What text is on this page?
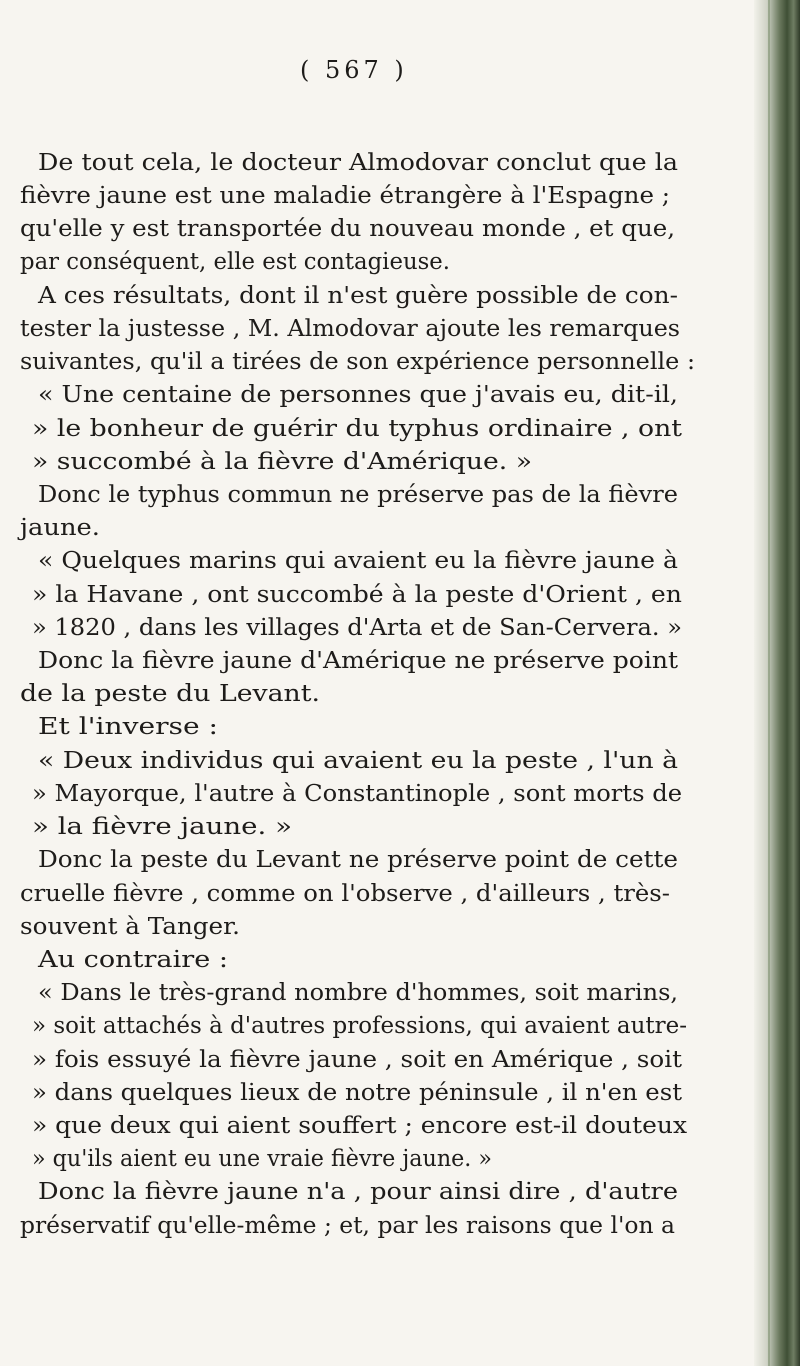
( 567 )
De tout cela, le docteur Almodovar conclut que la
fièvre jaune est une maladie étrangère à l'Espagne ;
qu'elle y est transportée du nouveau monde , et que,
par conséquent, elle est contagieuse.
A ces résultats, dont il n'est guère possible de con-
tester la justesse , M. Almodovar ajoute les remarques
suivantes, qu'il a tirées de son expérience personnelle :
« Une centaine de personnes que j'avais eu, dit-il,
» le bonheur de guérir du typhus ordinaire , ont
» succombé à la fièvre d'Amérique. »
Donc le typhus commun ne préserve pas de la fièvre
jaune.
« Quelques marins qui avaient eu la fièvre jaune à
» la Havane , ont succombé à la peste d'Orient , en
» 1820 , dans les villages d'Arta et de San-Cervera. »
Donc la fièvre jaune d'Amérique ne préserve point
de la peste du Levant.
Et l'inverse :
« Deux individus qui avaient eu la peste , l'un à
» Mayorque, l'autre à Constantinople , sont morts de
» la fièvre jaune. »
Donc la peste du Levant ne préserve point de cette
cruelle fièvre , comme on l'observe , d'ailleurs , très-
souvent à Tanger.
Au contraire :
« Dans le très-grand nombre d'hommes, soit marins,
» soit attachés à d'autres professions, qui avaient autre-
» fois essuyé la fièvre jaune , soit en Amérique , soit
» dans quelques lieux de notre péninsule , il n'en est
» que deux qui aient souffert ; encore est-il douteux
» qu'ils aient eu une vraie fièvre jaune. »
Donc la fièvre jaune n'a , pour ainsi dire , d'autre
préservatif qu'elle-même ; et, par les raisons que l'on a
